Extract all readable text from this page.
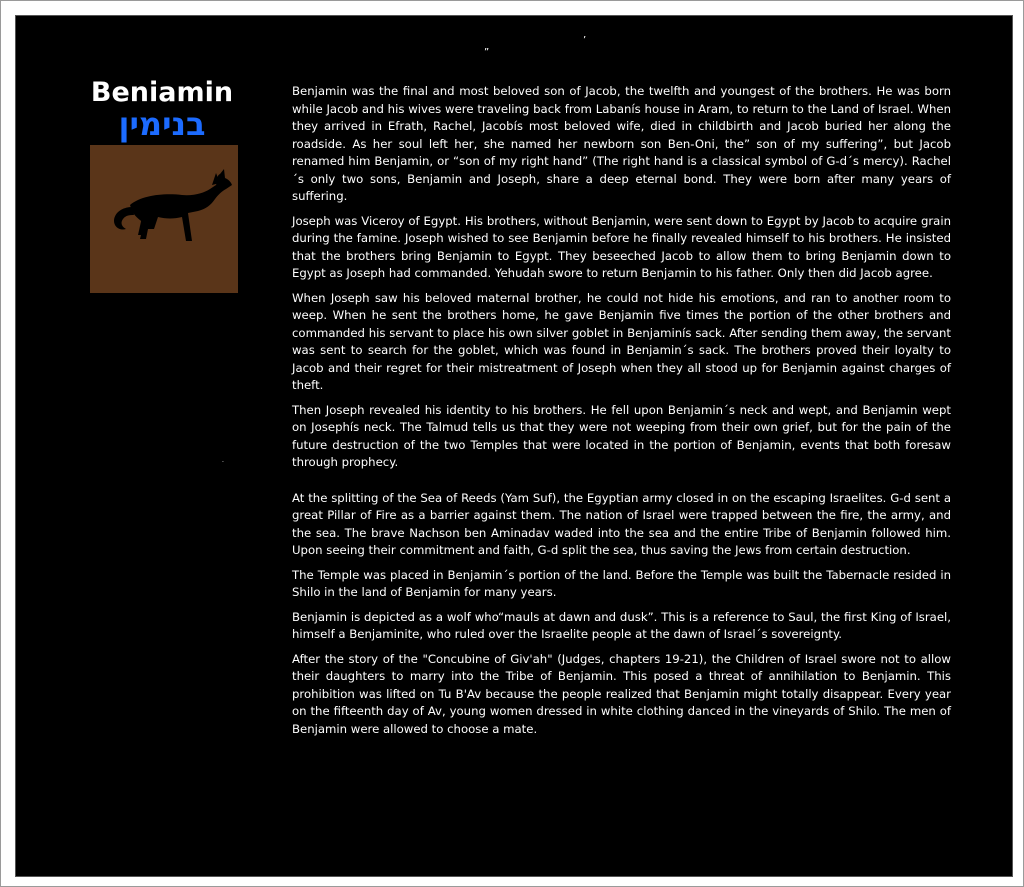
’
”
.
Beniamin
בנימין

Benjamin was the final and most beloved son of Jacob, the twelfth and youngest of the brothers. He was born while Jacob and his wives were traveling back from Labanís house in Aram, to return to the Land of Israel. When they arrived in Efrath, Rachel, Jacobís most beloved wife, died in childbirth and Jacob buried her along the roadside. As her soul left her, she named her newborn son Ben-Oni, the” son of my suffering”, but Jacob renamed him Benjamin, or “son of my right hand” (The right hand is a classical symbol of G-d´s mercy). Rachel´s only two sons, Benjamin and Joseph, share a deep eternal bond. They were born after many years of suffering.

Joseph was Viceroy of Egypt. His brothers, without Benjamin, were sent down to Egypt by Jacob to acquire grain during the famine. Joseph wished to see Benjamin before he finally revealed himself to his brothers. He insisted that the brothers bring Benjamin to Egypt. They beseeched Jacob to allow them to bring Benjamin down to Egypt as Joseph had commanded. Yehudah swore to return Benjamin to his father. Only then did Jacob agree.

When Joseph saw his beloved maternal brother, he could not hide his emotions, and ran to another room to weep. When he sent the brothers home, he gave Benjamin five times the portion of the other brothers and commanded his servant to place his own silver goblet in Benjaminís sack. After sending them away, the servant was sent to search for the goblet, which was found in Benjamin´s sack. The brothers proved their loyalty to Jacob and their regret for their mistreatment of Joseph when they all stood up for Benjamin against charges of theft.

Then Joseph revealed his identity to his brothers. He fell upon Benjamin´s neck and wept, and Benjamin wept on Josephís neck. The Talmud tells us that they were not weeping from their own grief, but for the pain of the future destruction of the two Temples that were located in the portion of Benjamin, events that both foresaw through prophecy.

At the splitting of the Sea of Reeds (Yam Suf), the Egyptian army closed in on the escaping Israelites. G-d sent a great Pillar of Fire as a barrier against them. The nation of Israel were trapped between the fire, the army, and the sea. The brave Nachson ben Aminadav waded into the sea and the entire Tribe of Benjamin followed him. Upon seeing their commitment and faith, G-d split the sea, thus saving the Jews from certain destruction.

The Temple was placed in Benjamin´s portion of the land. Before the Temple was built the Tabernacle resided in Shilo in the land of Benjamin for many years.

Benjamin is depicted as a wolf who“mauls at dawn and dusk”. This is a reference to Saul, the first King of Israel, himself a Benjaminite, who ruled over the Israelite people at the dawn of Israel´s sovereignty.

After the story of the "Concubine of Giv'ah" (Judges, chapters 19-21), the Children of Israel swore not to allow their daughters to marry into the Tribe of Benjamin. This posed a threat of annihilation to Benjamin. This prohibition was lifted on Tu B'Av because the people realized that Benjamin might totally disappear. Every year on the fifteenth day of Av, young women dressed in white clothing danced in the vineyards of Shilo. The men of Benjamin were allowed to choose a mate.
